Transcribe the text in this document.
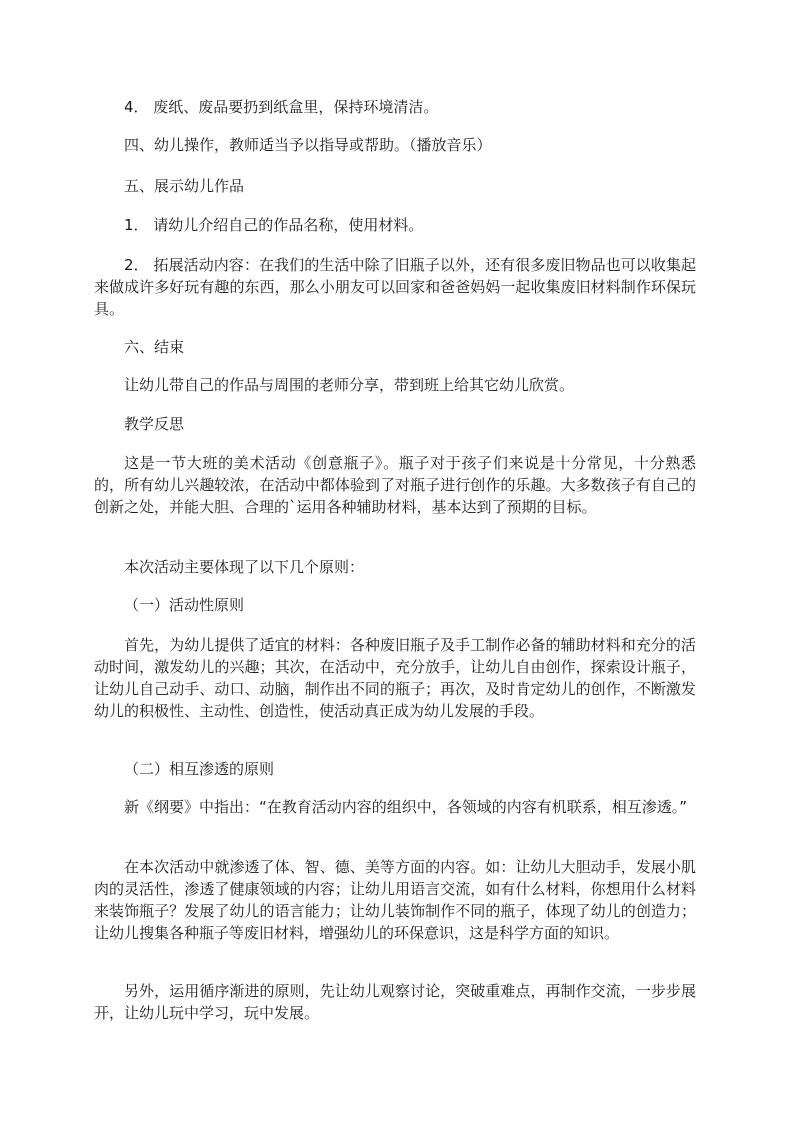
4． 废纸、废品要扔到纸盒里，保持环境清洁。

四、幼儿操作，教师适当予以指导或帮助。（播放音乐）

五、展示幼儿作品

1． 请幼儿介绍自己的作品名称，使用材料。

2． 拓展活动内容：在我们的生活中除了旧瓶子以外，还有很多废旧物品也可以收集起来做成许多好玩有趣的东西，那么小朋友可以回家和爸爸妈妈一起收集废旧材料制作环保玩具。

六、结束

让幼儿带自己的作品与周围的老师分享，带到班上给其它幼儿欣赏。

教学反思

这是一节大班的美术活动《创意瓶子》。瓶子对于孩子们来说是十分常见，十分熟悉的，所有幼儿兴趣较浓，在活动中都体验到了对瓶子进行创作的乐趣。大多数孩子有自己的创新之处，并能大胆、合理的`运用各种辅助材料，基本达到了预期的目标。

本次活动主要体现了以下几个原则：

（一）活动性原则

首先，为幼儿提供了适宜的材料：各种废旧瓶子及手工制作必备的辅助材料和充分的活动时间，激发幼儿的兴趣；其次，在活动中，充分放手，让幼儿自由创作，探索设计瓶子，让幼儿自己动手、动口、动脑，制作出不同的瓶子；再次，及时肯定幼儿的创作，不断激发幼儿的积极性、主动性、创造性，使活动真正成为幼儿发展的手段。

（二）相互渗透的原则

新《纲要》中指出：“在教育活动内容的组织中，各领域的内容有机联系，相互渗透。”

在本次活动中就渗透了体、智、德、美等方面的内容。如：让幼儿大胆动手，发展小肌肉的灵活性，渗透了健康领域的内容；让幼儿用语言交流，如有什么材料，你想用什么材料来装饰瓶子？发展了幼儿的语言能力；让幼儿装饰制作不同的瓶子，体现了幼儿的创造力；让幼儿搜集各种瓶子等废旧材料，增强幼儿的环保意识，这是科学方面的知识。

另外，运用循序渐进的原则，先让幼儿观察讨论，突破重难点，再制作交流，一步步展开，让幼儿玩中学习，玩中发展。
